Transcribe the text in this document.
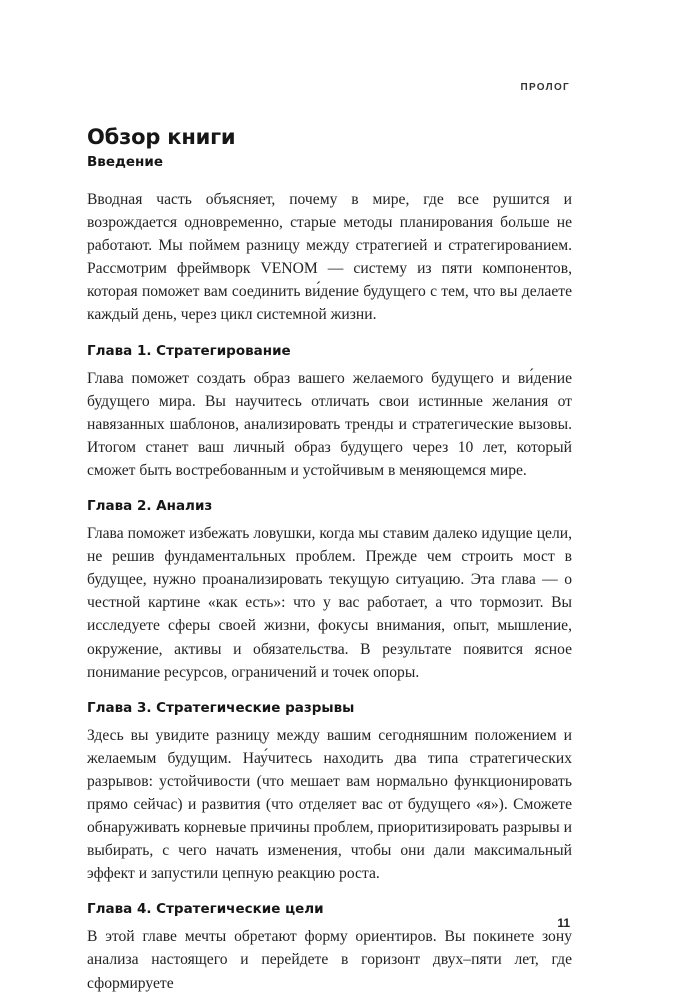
ПРОЛОГ
Обзор книги
Введение

Вводная часть объясняет, почему в мире, где все рушится и возрождается одновременно, старые методы планирования больше не работают. Мы поймем разницу между стратегией и стратегированием. Рассмотрим фреймворк VENOM — систему из пяти компонентов, которая поможет вам соединить ви́дение будущего с тем, что вы делаете каждый день, через цикл системной жизни.

Глава 1. Стратегирование

Глава поможет создать образ вашего желаемого будущего и ви́дение будущего мира. Вы научитесь отличать свои истинные желания от навязанных шаблонов, анализировать тренды и стратегические вызовы. Итогом станет ваш личный образ будущего через 10 лет, который сможет быть востребованным и устойчивым в меняющемся мире.

Глава 2. Анализ

Глава поможет избежать ловушки, когда мы ставим далеко идущие цели, не решив фундаментальных проблем. Прежде чем строить мост в будущее, нужно проанализировать текущую ситуацию. Эта глава — о честной картине «как есть»: что у вас работает, а что тормозит. Вы исследуете сферы своей жизни, фокусы внимания, опыт, мышление, окружение, активы и обязательства. В результате появится ясное понимание ресурсов, ограничений и точек опоры.

Глава 3. Стратегические разрывы

Здесь вы увидите разницу между вашим сегодняшним положением и желаемым будущим. Нау́читесь находить два типа стратегических разрывов: устойчивости (что мешает вам нормально функционировать прямо сейчас) и развития (что отделяет вас от будущего «я»). Сможете обнаруживать корневые причины проблем, приоритизировать разрывы и выбирать, с чего начать изменения, чтобы они дали максимальный эффект и запустили цепную реакцию роста.

Глава 4. Стратегические цели

В этой главе мечты обретают форму ориентиров. Вы покинете зону анализа настоящего и перейдете в горизонт двух–пяти лет, где сформируете

11
